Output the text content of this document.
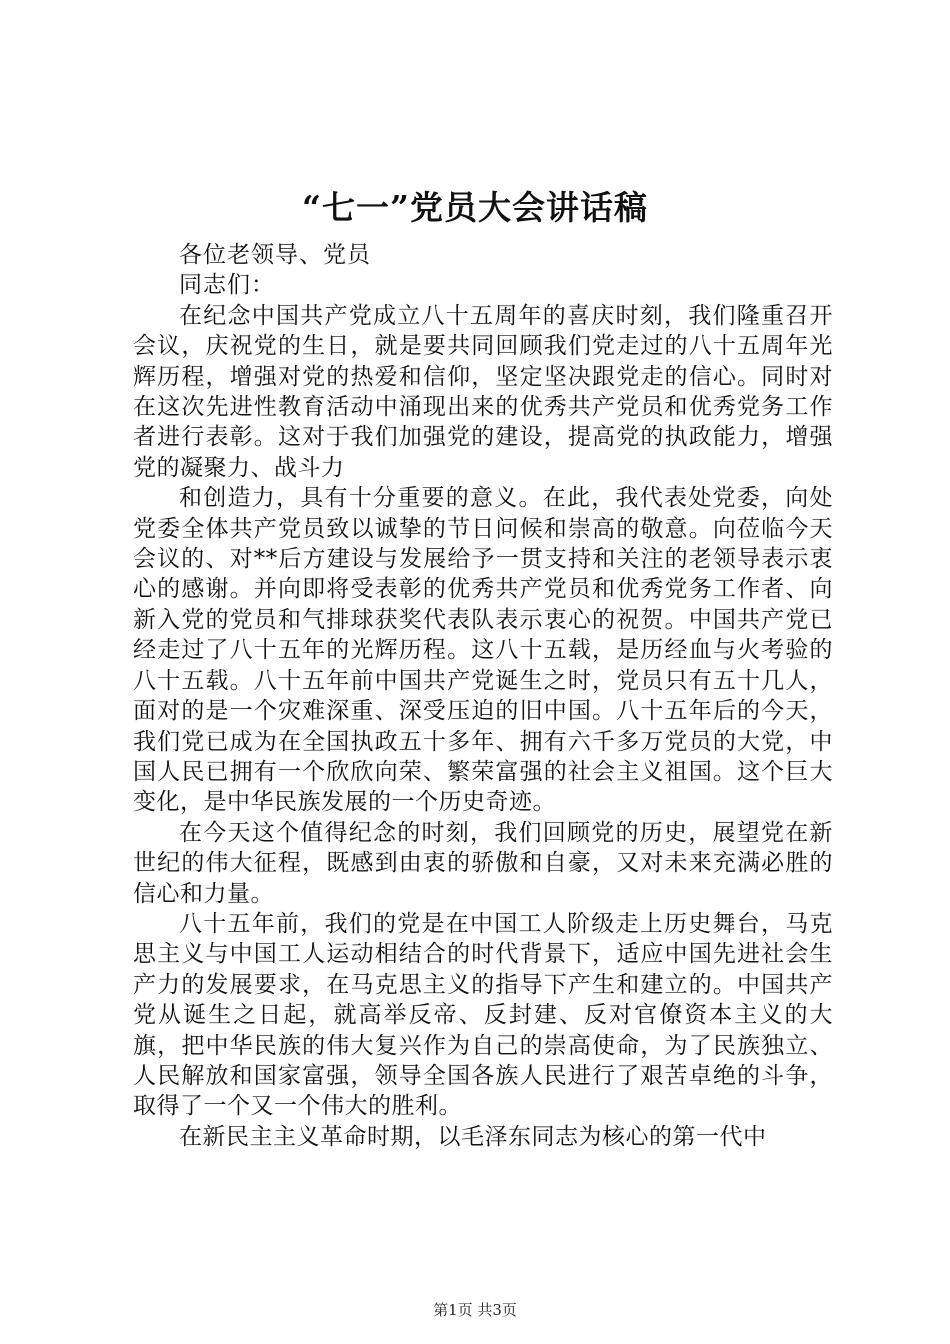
“七一”党员大会讲话稿

各位老领导、党员

同志们：

在纪念中国共产党成立八十五周年的喜庆时刻，我们隆重召开会议，庆祝党的生日，就是要共同回顾我们党走过的八十五周年光辉历程，增强对党的热爱和信仰，坚定坚决跟党走的信心。同时对在这次先进性教育活动中涌现出来的优秀共产党员和优秀党务工作者进行表彰。这对于我们加强党的建设，提高党的执政能力，增强党的凝聚力、战斗力

和创造力，具有十分重要的意义。在此，我代表处党委，向处党委全体共产党员致以诚挚的节日问候和崇高的敬意。向莅临今天会议的、对**后方建设与发展给予一贯支持和关注的老领导表示衷心的感谢。并向即将受表彰的优秀共产党员和优秀党务工作者、向新入党的党员和气排球获奖代表队表示衷心的祝贺。中国共产党已经走过了八十五年的光辉历程。这八十五载，是历经血与火考验的八十五载。八十五年前中国共产党诞生之时，党员只有五十几人，面对的是一个灾难深重、深受压迫的旧中国。八十五年后的今天，我们党已成为在全国执政五十多年、拥有六千多万党员的大党，中国人民已拥有一个欣欣向荣、繁荣富强的社会主义祖国。这个巨大变化，是中华民族发展的一个历史奇迹。

在今天这个值得纪念的时刻，我们回顾党的历史，展望党在新世纪的伟大征程，既感到由衷的骄傲和自豪，又对未来充满必胜的信心和力量。

八十五年前，我们的党是在中国工人阶级走上历史舞台，马克思主义与中国工人运动相结合的时代背景下，适应中国先进社会生产力的发展要求，在马克思主义的指导下产生和建立的。中国共产党从诞生之日起，就高举反帝、反封建、反对官僚资本主义的大旗，把中华民族的伟大复兴作为自己的崇高使命，为了民族独立、人民解放和国家富强，领导全国各族人民进行了艰苦卓绝的斗争，取得了一个又一个伟大的胜利。

在新民主主义革命时期，以毛泽东同志为核心的第一代中

第1页 共3页
